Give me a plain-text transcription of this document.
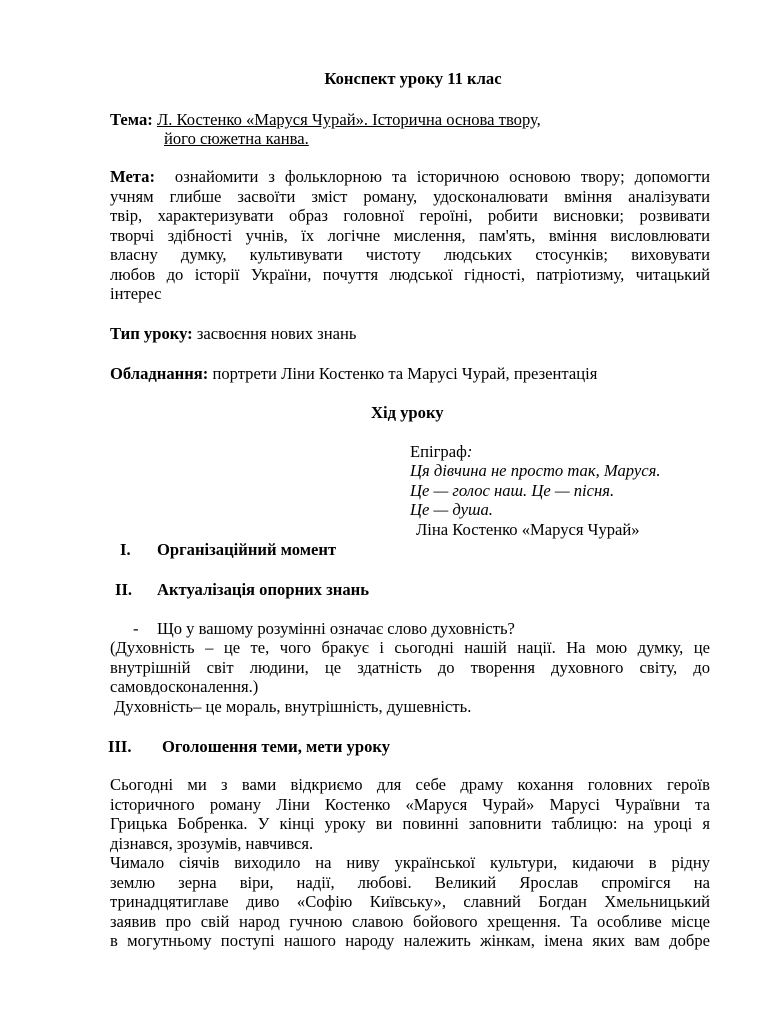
Конспект уроку 11 клас
Тема: Л. Костенко «Маруся Чурай». Історична основа твору,
його сюжетна канва.
Мета: ознайомити з фольклорною та історичною основою твору; допомогти
учням глибше засвоїти зміст роману, удосконалювати вміння аналізувати
твір, характеризувати образ головної героїні, робити висновки; розвивати
творчі здібності учнів, їх логічне мислення, пам'ять, вміння висловлювати
власну думку, культивувати чистоту людських стосунків; виховувати
любов до історії України, почуття людської гідності, патріотизму, читацький
інтерес
Тип уроку: засвоєння нових знань
Обладнання: портрети Ліни Костенко та Марусі Чурай, презентація
Хід уроку
Епіграф:
Ця дівчина не просто так, Маруся.
Це — голос наш. Це — пісня.
Це — душа.
Ліна Костенко «Маруся Чурай»
I. Організаційний момент
II. Актуалізація опорних знань
- Що у вашому розумінні означає слово духовність?
(Духовність – це те, чого бракує і сьогодні нашій нації. На мою думку, це
внутрішній світ людини, це здатність до творення духовного світу, до
самовдосконалення.)
Духовність– це мораль, внутрішність, душевність.
III. Оголошення теми, мети уроку
Сьогодні ми з вами відкриємо для себе драму кохання головних героїв
історичного роману Ліни Костенко «Маруся Чурай» Марусі Чураївни та
Грицька Бобренка. У кінці уроку ви повинні заповнити таблицю: на уроці я
дізнався, зрозумів, навчився.
Чимало сіячів виходило на ниву української культури, кидаючи в рідну
землю зерна віри, надії, любові. Великий Ярослав спромігся на
тринадцятиглаве диво «Софію Київську», славний Богдан Хмельницький
заявив про свій народ гучною славою бойового хрещення. Та особливе місце
в могутньому поступі нашого народу належить жінкам, імена яких вам добре
